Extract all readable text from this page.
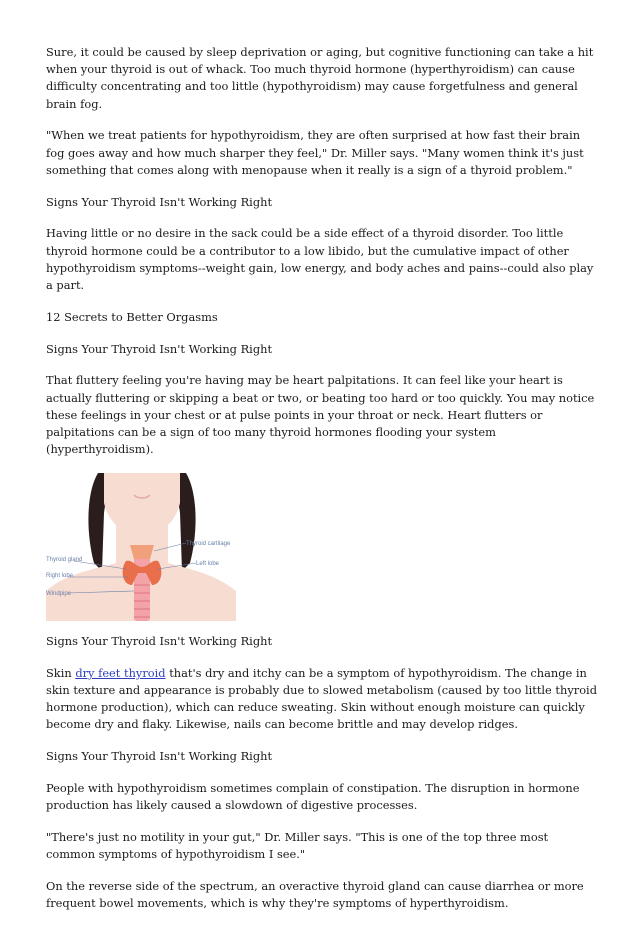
Sure, it could be caused by sleep deprivation or aging, but cognitive functioning can take a hit when your thyroid is out of whack. Too much thyroid hormone (hyperthyroidism) can cause difficulty concentrating and too little (hypothyroidism) may cause forgetfulness and general brain fog.

"When we treat patients for hypothyroidism, they are often surprised at how fast their brain fog goes away and how much sharper they feel," Dr. Miller says. "Many women think it's just something that comes along with menopause when it really is a sign of a thyroid problem."

Signs Your Thyroid Isn't Working Right

Having little or no desire in the sack could be a side effect of a thyroid disorder. Too little thyroid hormone could be a contributor to a low libido, but the cumulative impact of other hypothyroidism symptoms--weight gain, low energy, and body aches and pains--could also play a part.

12 Secrets to Better Orgasms

Signs Your Thyroid Isn't Working Right

That fluttery feeling you're having may be heart palpitations. It can feel like your heart is actually fluttering or skipping a beat or two, or beating too hard or too quickly. You may notice these feelings in your chest or at pulse points in your throat or neck. Heart flutters or palpitations can be a sign of too many thyroid hormones flooding your system (hyperthyroidism).

Thyroid cartilage
Left lobe
Thyroid gland
Right lobe
Windpipe

Signs Your Thyroid Isn't Working Right

Skin dry feet thyroid that's dry and itchy can be a symptom of hypothyroidism. The change in skin texture and appearance is probably due to slowed metabolism (caused by too little thyroid hormone production), which can reduce sweating. Skin without enough moisture can quickly become dry and flaky. Likewise, nails can become brittle and may develop ridges.

Signs Your Thyroid Isn't Working Right

People with hypothyroidism sometimes complain of constipation. The disruption in hormone production has likely caused a slowdown of digestive processes.

"There's just no motility in your gut," Dr. Miller says. "This is one of the top three most common symptoms of hypothyroidism I see."

On the reverse side of the spectrum, an overactive thyroid gland can cause diarrhea or more frequent bowel movements, which is why they're symptoms of hyperthyroidism.
